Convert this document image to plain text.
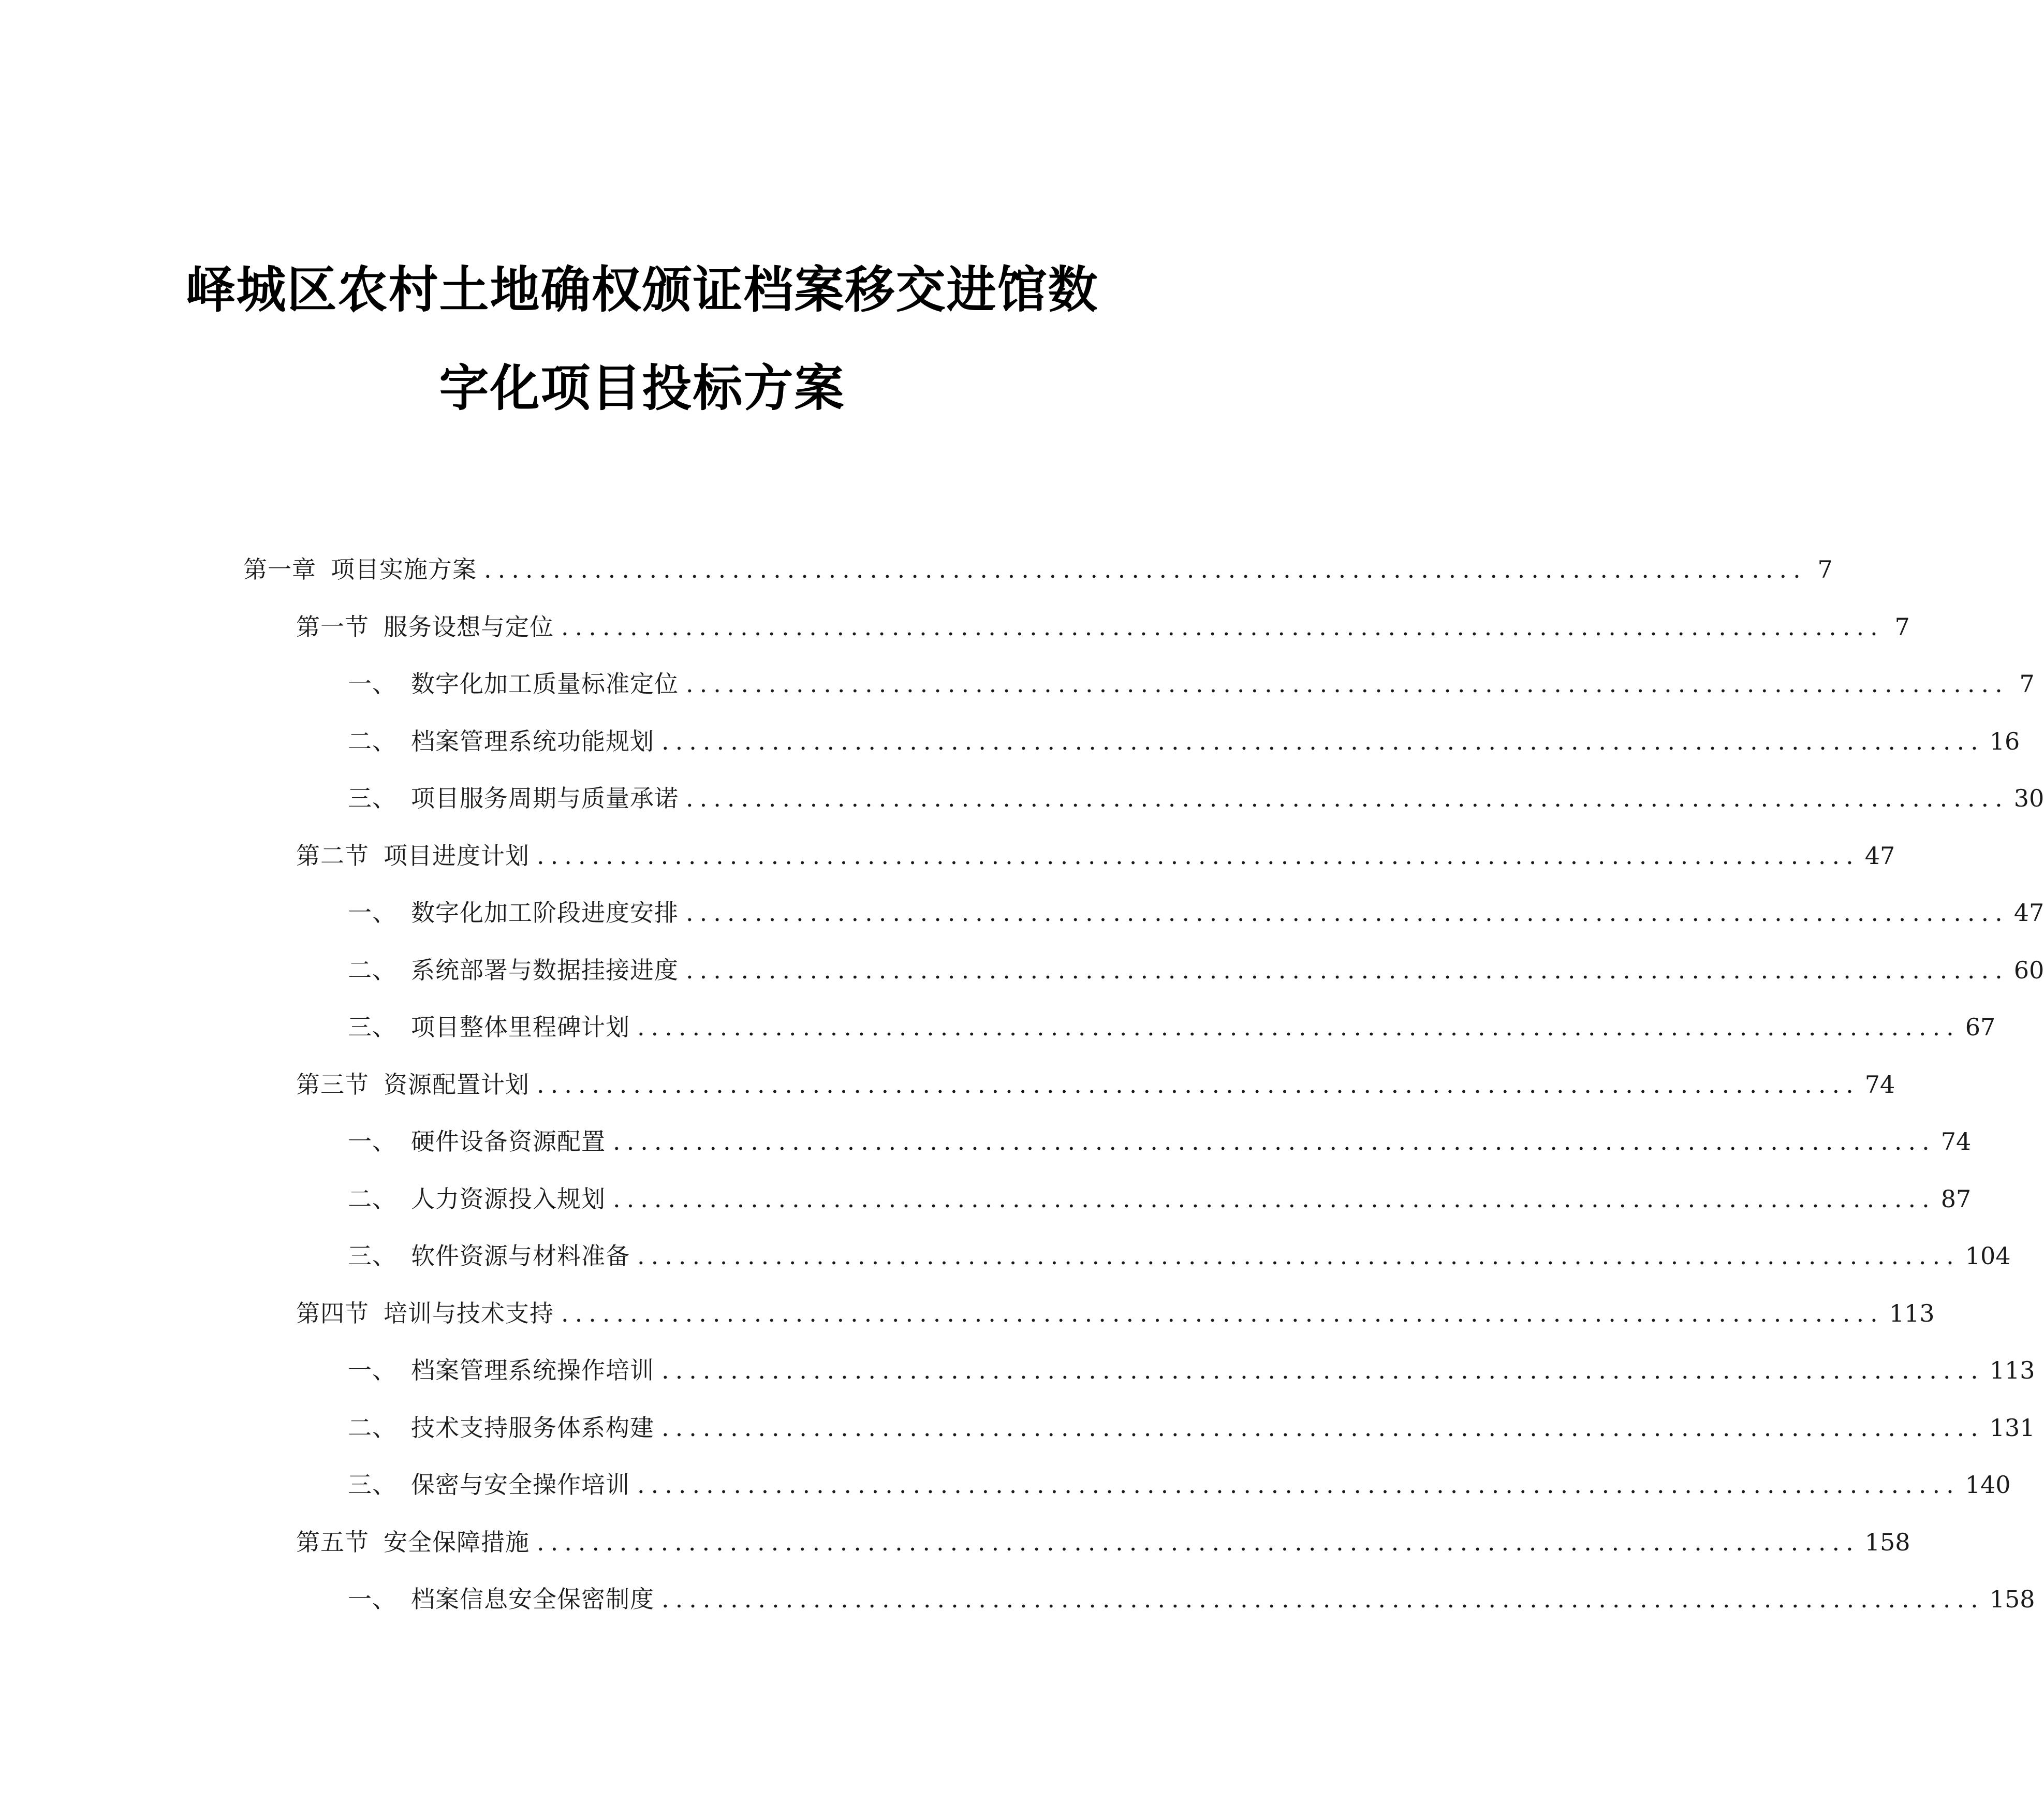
峄城区农村土地确权颁证档案移交进馆数
字化项目投标方案
第一章 项目实施方案 ................................................................................................ 7
第一节 服务设想与定位 ................................................................................................ 7
一、 数字化加工质量标准定位 ................................................................................................ 7
二、 档案管理系统功能规划 ................................................................................................ 16
三、 项目服务周期与质量承诺 ................................................................................................ 30
第二节 项目进度计划 ................................................................................................ 47
一、 数字化加工阶段进度安排 ................................................................................................ 47
二、 系统部署与数据挂接进度 ................................................................................................ 60
三、 项目整体里程碑计划 ................................................................................................ 67
第三节 资源配置计划 ................................................................................................ 74
一、 硬件设备资源配置 ................................................................................................ 74
二、 人力资源投入规划 ................................................................................................ 87
三、 软件资源与材料准备 ................................................................................................ 104
第四节 培训与技术支持 ................................................................................................ 113
一、 档案管理系统操作培训 ................................................................................................ 113
二、 技术支持服务体系构建 ................................................................................................ 131
三、 保密与安全操作培训 ................................................................................................ 140
第五节 安全保障措施 ................................................................................................ 158
一、 档案信息安全保密制度 ................................................................................................ 158
